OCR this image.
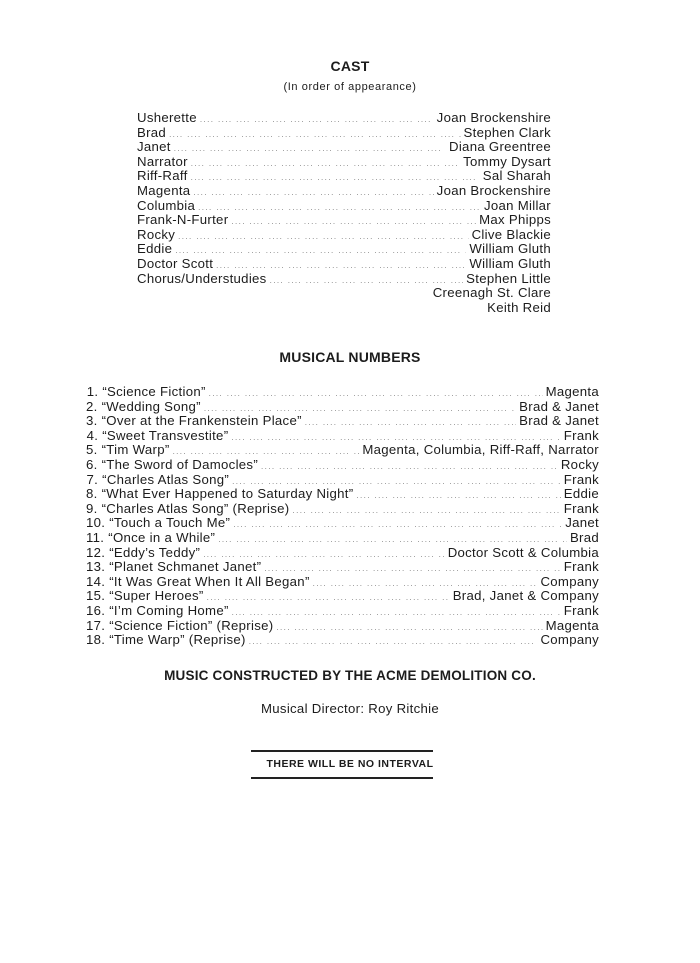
CAST
(In order of appearance)
Usherette ....	Joan Brockenshire
Brad ....	Stephen Clark
Janet ....	Diana Greentree
Narrator ....	Tommy Dysart
Riff-Raff ....	Sal Sharah
Magenta ....	Joan Brockenshire
Columbia ....	Joan Millar
Frank-N-Furter ....	Max Phipps
Rocky ....	Clive Blackie
Eddie ....	William Gluth
Doctor Scott ....	William Gluth
Chorus/Understudies ....	Stephen Little
Creenagh St. Clare
Keith Reid
MUSICAL NUMBERS
1. “Science Fiction” ....	Magenta
2. “Wedding Song” ....	Brad & Janet
3. “Over at the Frankenstein Place” ....	Brad & Janet
4. “Sweet Transvestite” ....	Frank
5. “Tim Warp” ....	Magenta, Columbia, Riff-Raff, Narrator
6. “The Sword of Damocles” ....	Rocky
7. “Charles Atlas Song” ....	Frank
8. “What Ever Happened to Saturday Night” ....	Eddie
9. “Charles Atlas Song” (Reprise) ....	Frank
10. “Touch a Touch Me” ....	Janet
11. “Once in a While” ....	Brad
12. “Eddy’s Teddy” ....	Doctor Scott & Columbia
13. “Planet Schmanet Janet” ....	Frank
14. “It Was Great When It All Began” ....	Company
15. “Super Heroes” ....	Brad, Janet & Company
16. “I’m Coming Home” ....	Frank
17. “Science Fiction” (Reprise) ....	Magenta
18. “Time Warp” (Reprise) ....	Company
MUSIC CONSTRUCTED BY THE ACME DEMOLITION CO.
Musical Director: Roy Ritchie
THERE WILL BE NO INTERVAL
